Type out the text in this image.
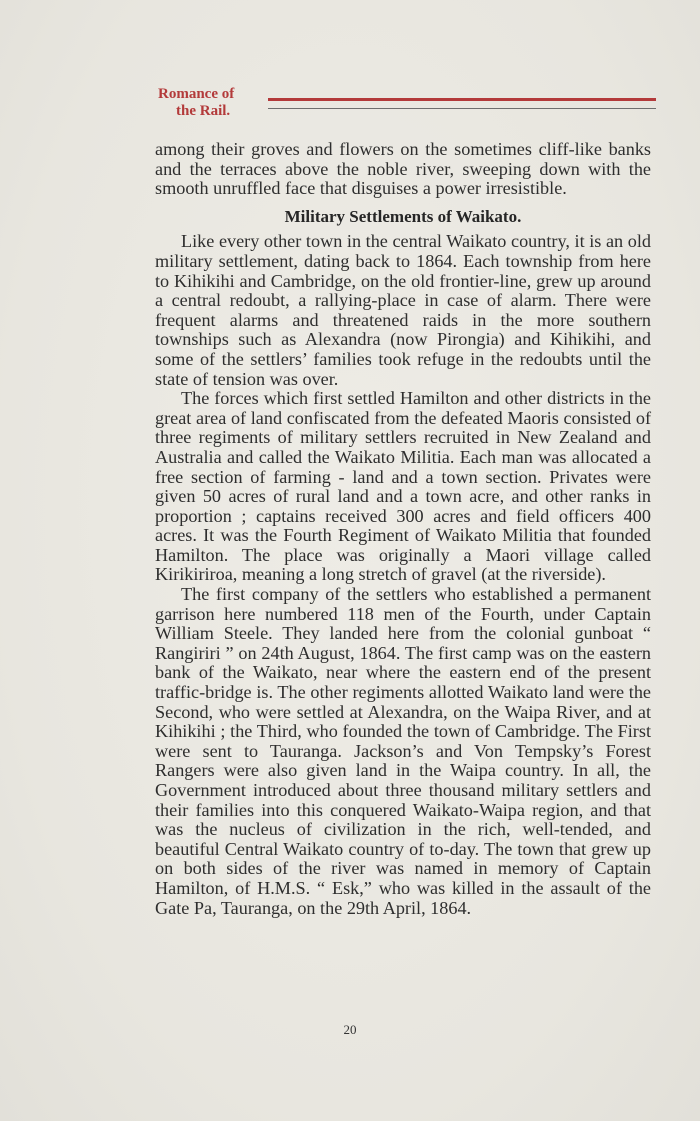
Romance of
the Rail.

among their groves and flowers on the sometimes cliff-like banks and the terraces above the noble river, sweeping down with the smooth unruffled face that disguises a power irresistible.

Military Settlements of Waikato.

Like every other town in the central Waikato country, it is an old military settlement, dating back to 1864. Each township from here to Kihikihi and Cambridge, on the old frontier-line, grew up around a central redoubt, a rallying-place in case of alarm. There were frequent alarms and threatened raids in the more southern townships such as Alexandra (now Pirongia) and Kihikihi, and some of the settlers’ families took refuge in the redoubts until the state of tension was over.

The forces which first settled Hamilton and other districts in the great area of land confiscated from the defeated Maoris consisted of three regiments of military settlers recruited in New Zealand and Australia and called the Waikato Militia. Each man was allocated a free section of farming - land and a town section. Privates were given 50 acres of rural land and a town acre, and other ranks in proportion ; captains received 300 acres and field officers 400 acres. It was the Fourth Regiment of Waikato Militia that founded Hamilton. The place was originally a Maori village called Kirikiriroa, meaning a long stretch of gravel (at the riverside).

The first company of the settlers who established a permanent garrison here numbered 118 men of the Fourth, under Captain William Steele. They landed here from the colonial gunboat “ Rangiriri ” on 24th August, 1864. The first camp was on the eastern bank of the Waikato, near where the eastern end of the present traffic-bridge is. The other regiments allotted Waikato land were the Second, who were settled at Alexandra, on the Waipa River, and at Kihikihi ; the Third, who founded the town of Cambridge. The First were sent to Tauranga. Jackson’s and Von Tempsky’s Forest Rangers were also given land in the Waipa country. In all, the Government introduced about three thousand military settlers and their families into this conquered Waikato-Waipa region, and that was the nucleus of civilization in the rich, well-tended, and beautiful Central Waikato country of to-day. The town that grew up on both sides of the river was named in memory of Captain Hamilton, of H.M.S. “ Esk,” who was killed in the assault of the Gate Pa, Tauranga, on the 29th April, 1864.

20
